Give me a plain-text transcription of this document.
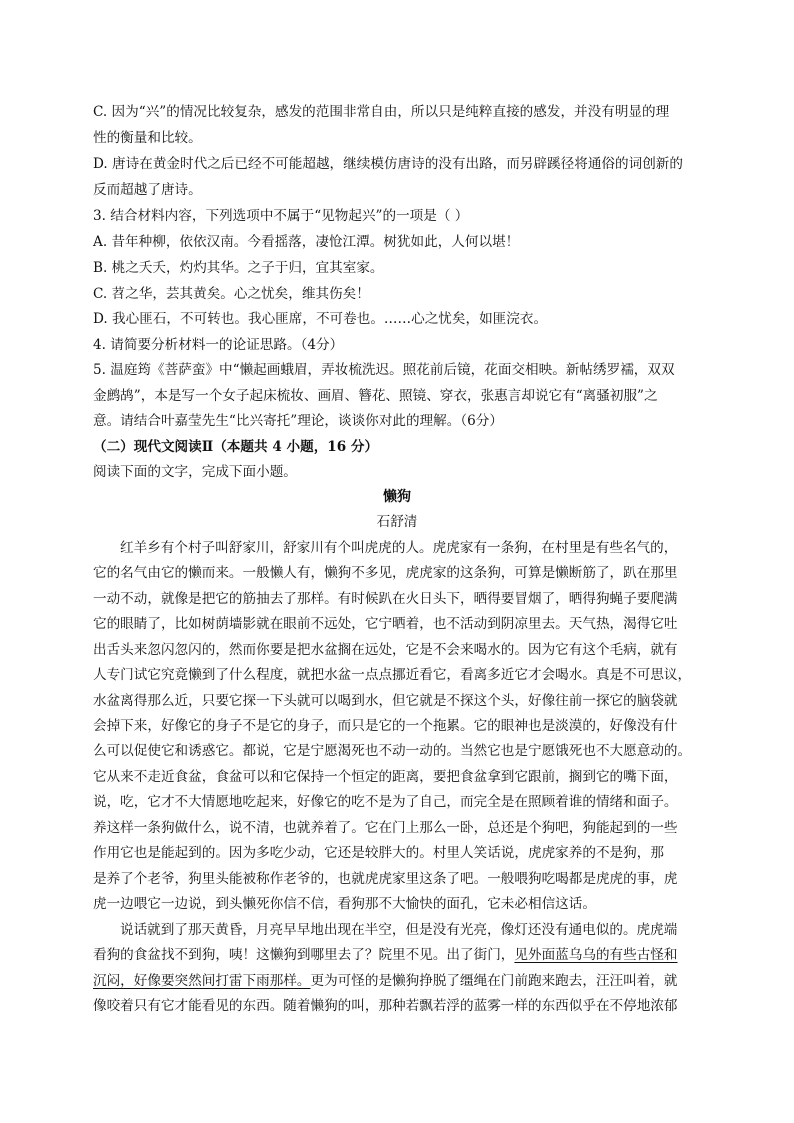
C. 因为“兴”的情况比较复杂，感发的范围非常自由，所以只是纯粹直接的感发，并没有明显的理
性的衡量和比较。
D. 唐诗在黄金时代之后已经不可能超越，继续模仿唐诗的没有出路，而另辟蹊径将通俗的词创新的
反而超越了唐诗。
3. 结合材料内容，下列选项中不属于“见物起兴”的一项是（ ）
A. 昔年种柳，依依汉南。今看摇落，凄怆江潭。树犹如此，人何以堪！
B. 桃之夭夭，灼灼其华。之子于归，宜其室家。
C. 苕之华，芸其黄矣。心之忧矣，维其伤矣！
D. 我心匪石，不可转也。我心匪席，不可卷也。……心之忧矣，如匪浣衣。
4. 请简要分析材料一的论证思路。（4分）
5. 温庭筠《菩萨蛮》中“懒起画蛾眉，弄妆梳洗迟。照花前后镜，花面交相映。新帖绣罗襦，双双
金鹧鸪”，本是写一个女子起床梳妆、画眉、簪花、照镜、穿衣，张惠言却说它有“离骚初服”之
意。请结合叶嘉莹先生“比兴寄托”理论，谈谈你对此的理解。（6分）
（二）现代文阅读Ⅱ（本题共 4 小题，16 分）
阅读下面的文字，完成下面小题。
懒狗
石舒清
红羊乡有个村子叫舒家川，舒家川有个叫虎虎的人。虎虎家有一条狗，在村里是有些名气的，
它的名气由它的懒而来。一般懒人有，懒狗不多见，虎虎家的这条狗，可算是懒断筋了，趴在那里
一动不动，就像是把它的筋抽去了那样。有时候趴在火日头下，晒得要冒烟了，晒得狗蝇子要爬满
它的眼睛了，比如树荫墙影就在眼前不远处，它宁晒着，也不活动到阴凉里去。天气热，渴得它吐
出舌头来忽闪忽闪的，然而你要是把水盆搁在远处，它是不会来喝水的。因为它有这个毛病，就有
人专门试它究竟懒到了什么程度，就把水盆一点点挪近看它，看离多近它才会喝水。真是不可思议，
水盆离得那么近，只要它探一下头就可以喝到水，但它就是不探这个头，好像往前一探它的脑袋就
会掉下来，好像它的身子不是它的身子，而只是它的一个拖累。它的眼神也是淡漠的，好像没有什
么可以促使它和诱惑它。都说，它是宁愿渴死也不动一动的。当然它也是宁愿饿死也不大愿意动的。
它从来不走近食盆，食盆可以和它保持一个恒定的距离，要把食盆拿到它跟前，搁到它的嘴下面，
说，吃，它才不大情愿地吃起来，好像它的吃不是为了自己，而完全是在照顾着谁的情绪和面子。
养这样一条狗做什么，说不清，也就养着了。它在门上那么一卧，总还是个狗吧，狗能起到的一些
作用它也是能起到的。因为多吃少动，它还是较胖大的。村里人笑话说，虎虎家养的不是狗，那
是养了个老爷，狗里头能被称作老爷的，也就虎虎家里这条了吧。一般喂狗吃喝都是虎虎的事，虎
虎一边喂它一边说，到头懒死你信不信，看狗那不大愉快的面孔，它未必相信这话。
说话就到了那天黄昏，月亮早早地出现在半空，但是没有光亮，像灯还没有通电似的。虎虎端
看狗的食盆找不到狗，咦！这懒狗到哪里去了？院里不见。出了街门，见外面蓝乌乌的有些古怪和
沉闷，好像要突然间打雷下雨那样。更为可怪的是懒狗挣脱了缰绳在门前跑来跑去，汪汪叫着，就
像咬着只有它才能看见的东西。随着懒狗的叫，那种若飘若浮的蓝雾一样的东西似乎在不停地浓郁
